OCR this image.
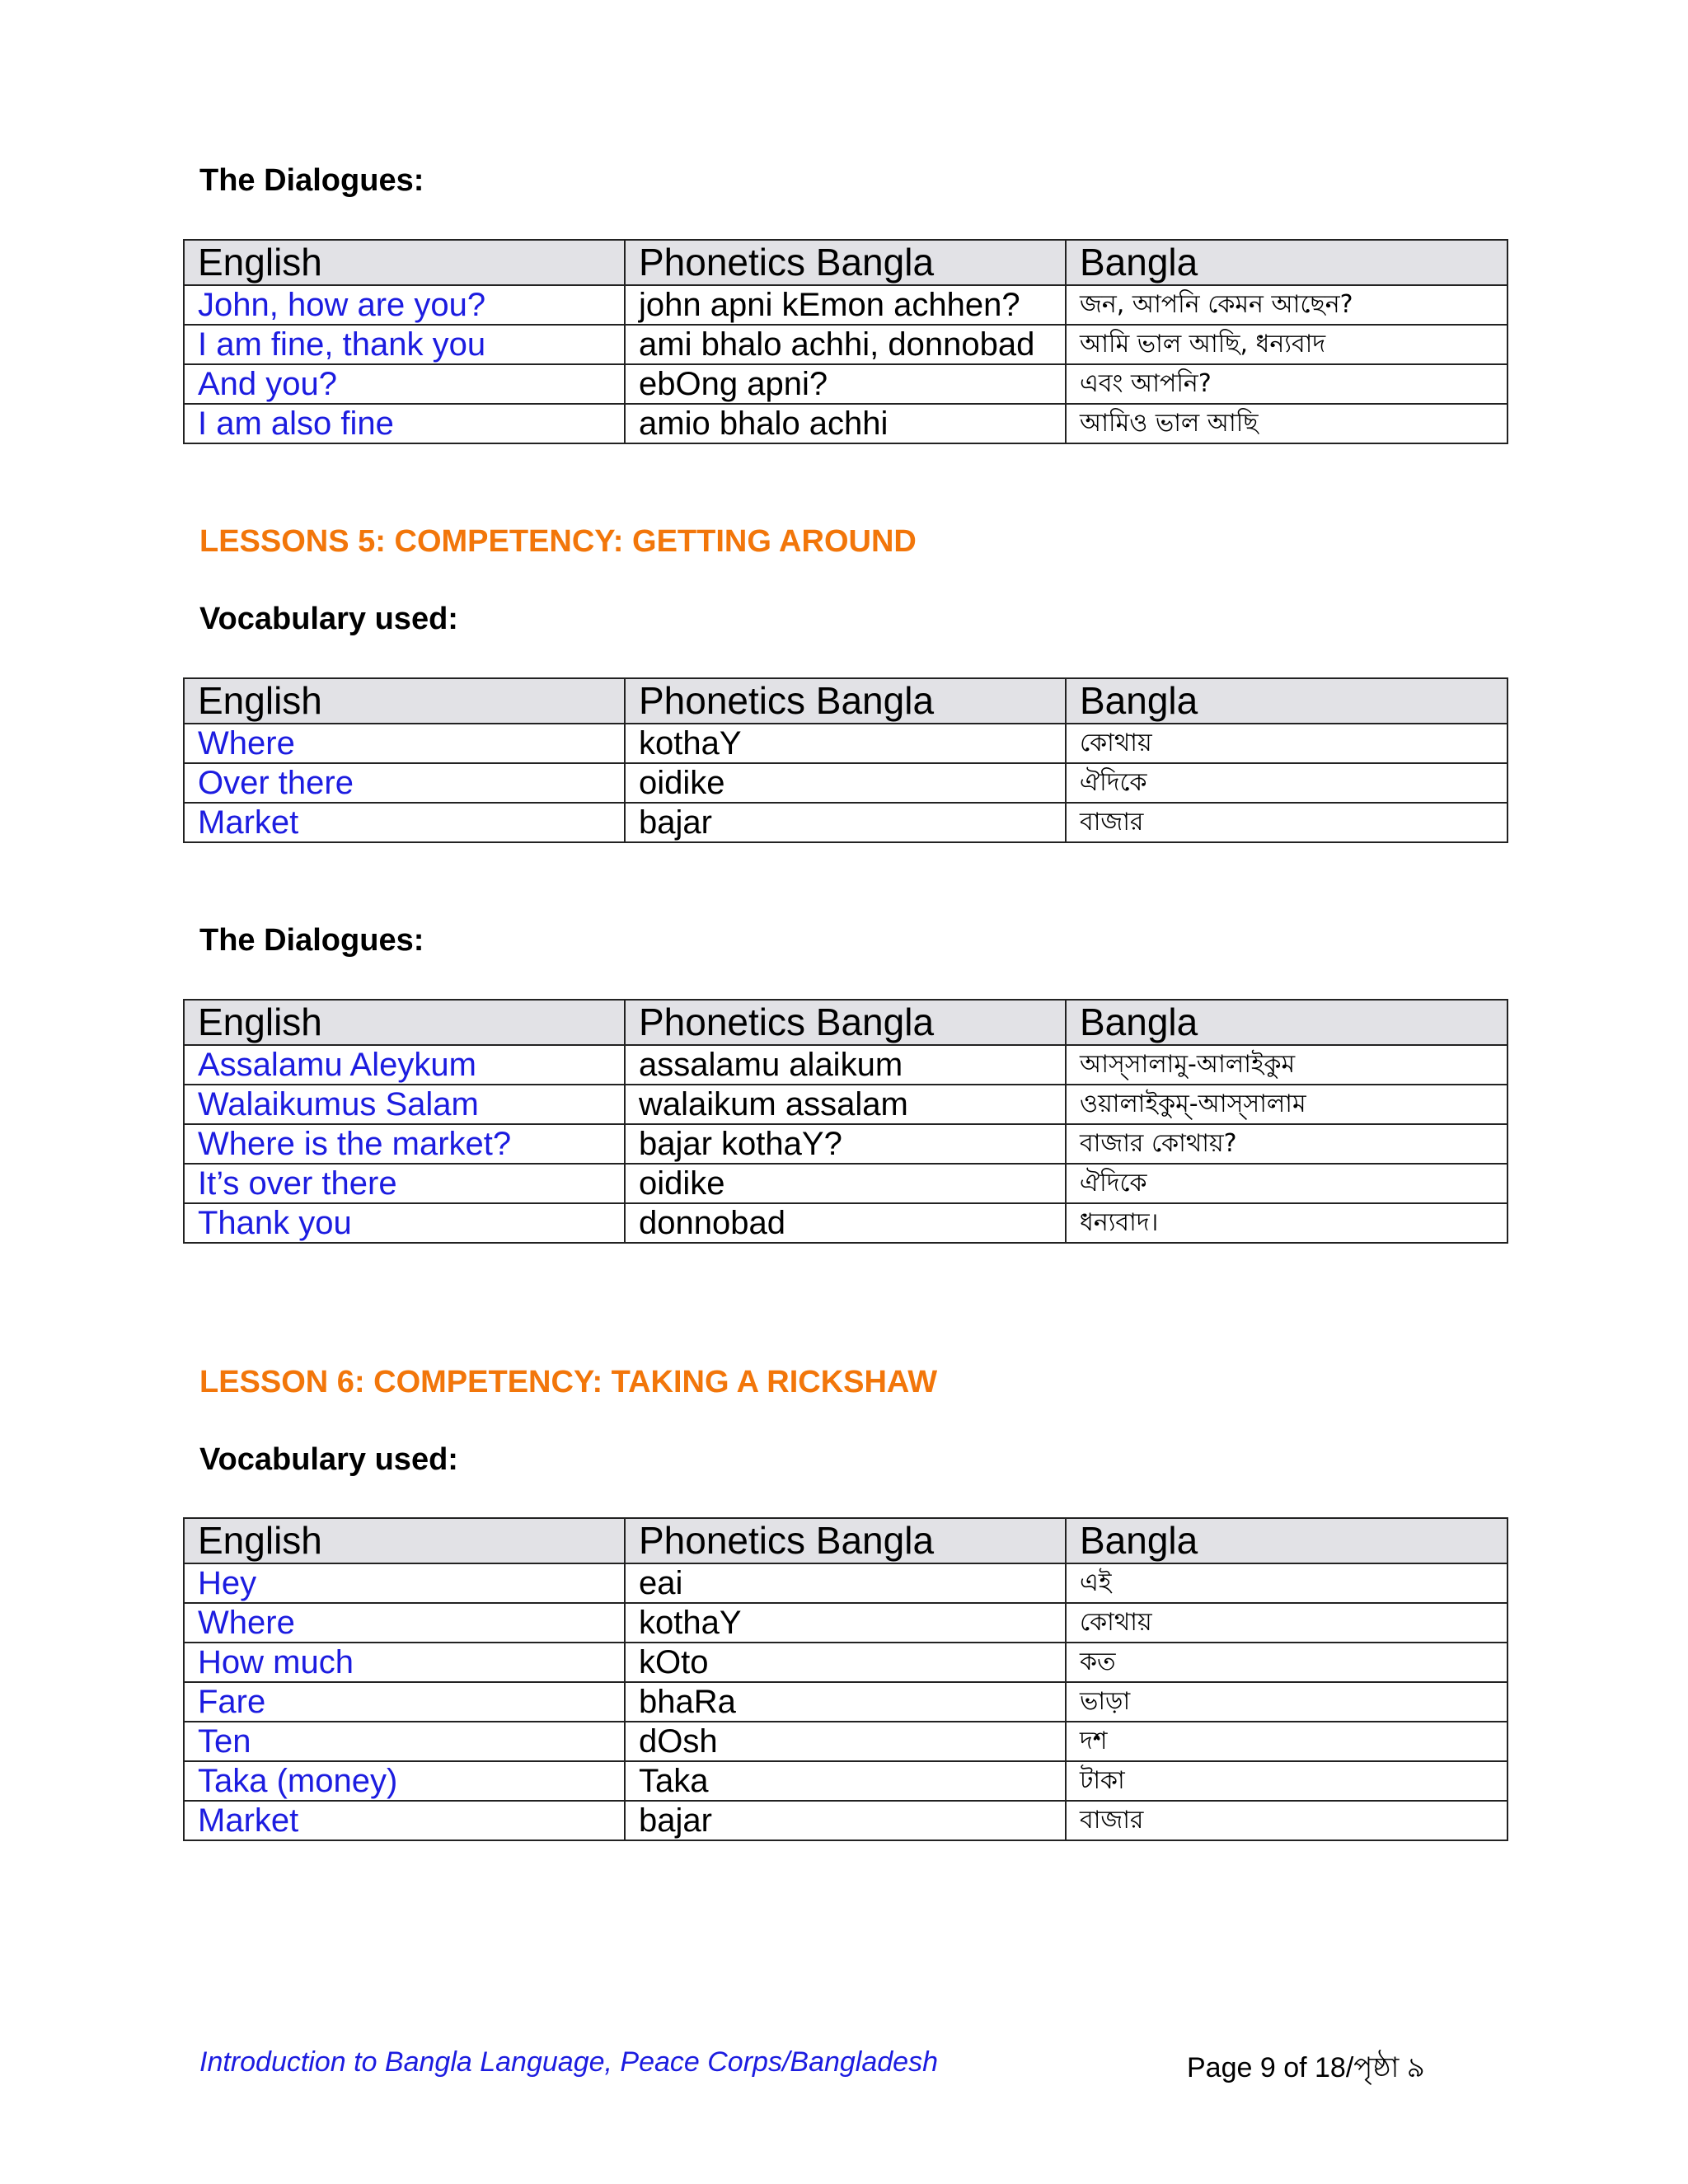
The Dialogues:
English	Phonetics Bangla	Bangla
John, how are you?	john apni kEmon achhen?	জন, আপনি কেমন আছেন?
I am fine, thank you	ami bhalo achhi, donnobad	আমি ভাল আছি, ধন্যবাদ
And you?	ebOng apni?	এবং আপনি?
I am also fine	amio bhalo achhi	আমিও ভাল আছি
LESSONS 5: COMPETENCY: GETTING AROUND
Vocabulary used:
English	Phonetics Bangla	Bangla
Where	kothaY	কোথায়
Over there	oidike	ঐদিকে
Market	bajar	বাজার
The Dialogues:
English	Phonetics Bangla	Bangla
Assalamu Aleykum	assalamu alaikum	আস্‌সালামু-আলাইকুম
Walaikumus Salam	walaikum assalam	ওয়ালাইকুম্‌-আস্‌সালাম
Where is the market?	bajar kothaY?	বাজার কোথায়?
It’s over there	oidike	ঐদিকে
Thank you	donnobad	ধন্যবাদ।
LESSON 6: COMPETENCY: TAKING A RICKSHAW
Vocabulary used:
English	Phonetics Bangla	Bangla
Hey	eai	এই
Where	kothaY	কোথায়
How much	kOto	কত
Fare	bhaRa	ভাড়া
Ten	dOsh	দশ
Taka (money)	Taka	টাকা
Market	bajar	বাজার
Introduction to Bangla Language, Peace Corps/Bangladesh	Page 9 of 18/পৃষ্ঠা ৯
